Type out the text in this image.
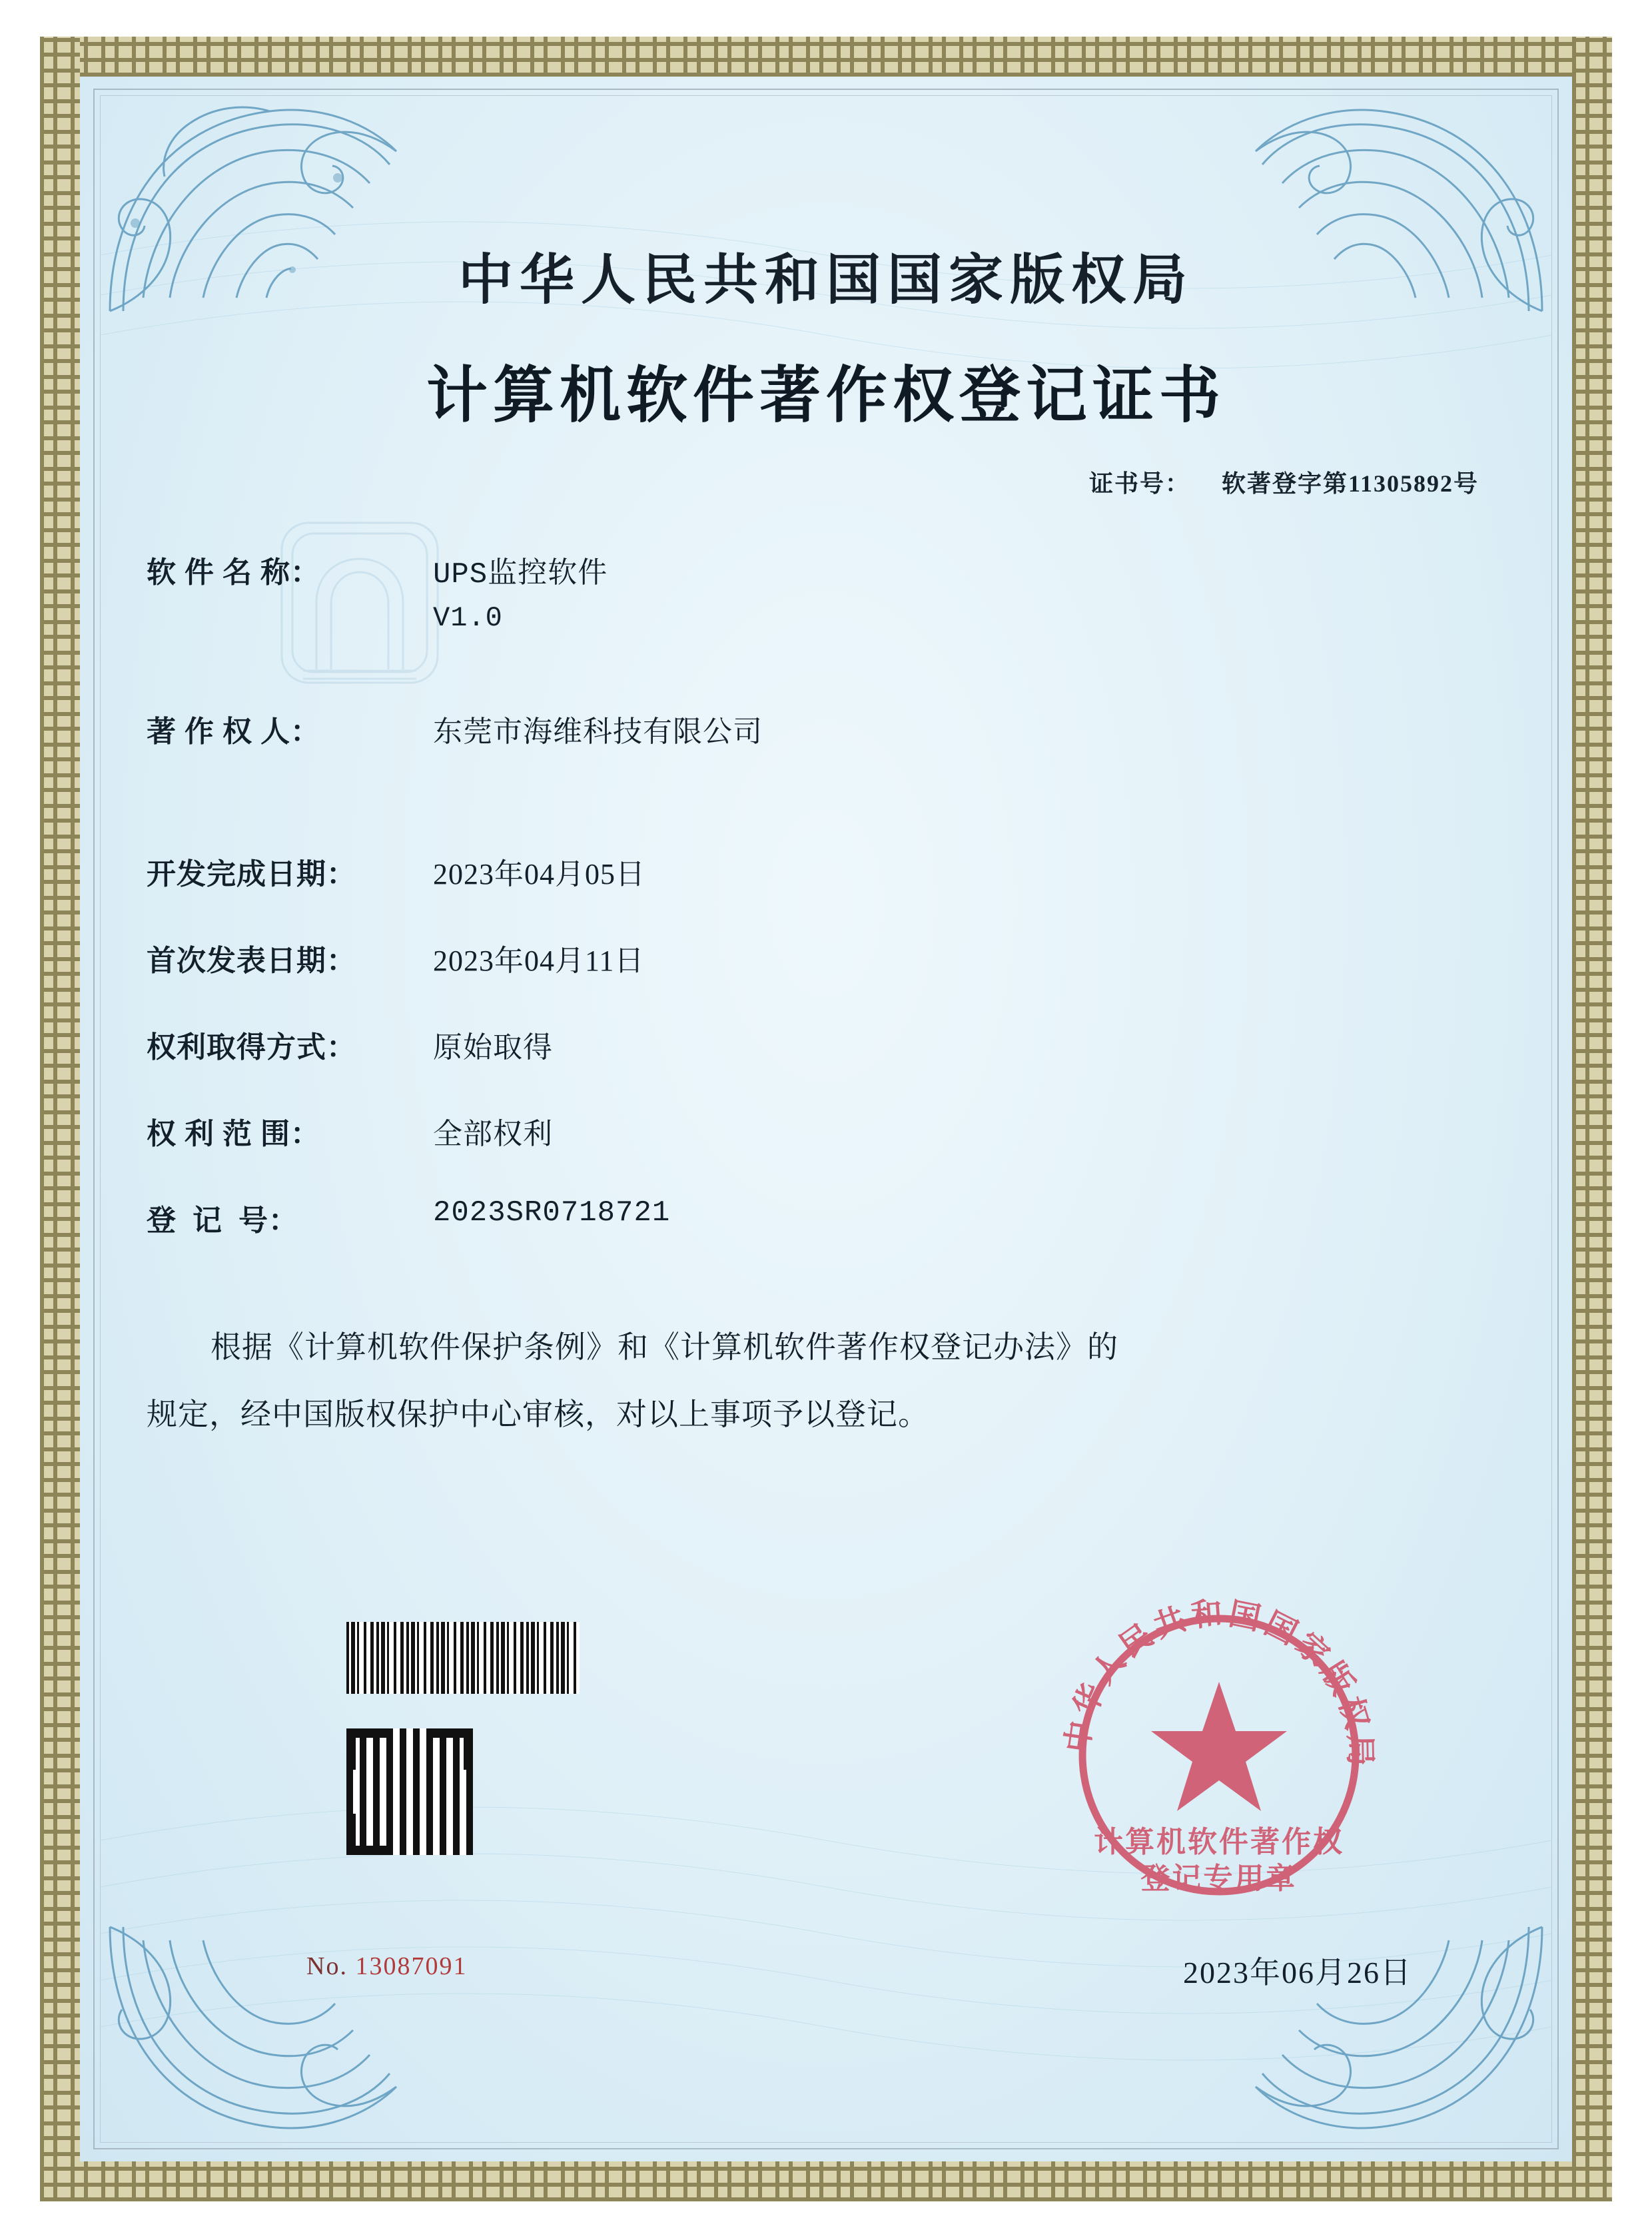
中华人民共和国国家版权局
计算机软件著作权登记证书
证书号： 软著登字第11305892号
软 件 名 称：	UPS监控软件
V1.0
著 作 权 人：	东莞市海维科技有限公司
开发完成日期：	2023年04月05日
首次发表日期：	2023年04月11日
权利取得方式：	原始取得
权 利 范 围：	全部权利
登  记  号：	2023SR0718721
根据《计算机软件保护条例》和《计算机软件著作权登记办法》的
规定，经中国版权保护中心审核，对以上事项予以登记。
No. 13087091
中华人民共和国国家版权局
计算机软件著作权
登记专用章
2023年06月26日
